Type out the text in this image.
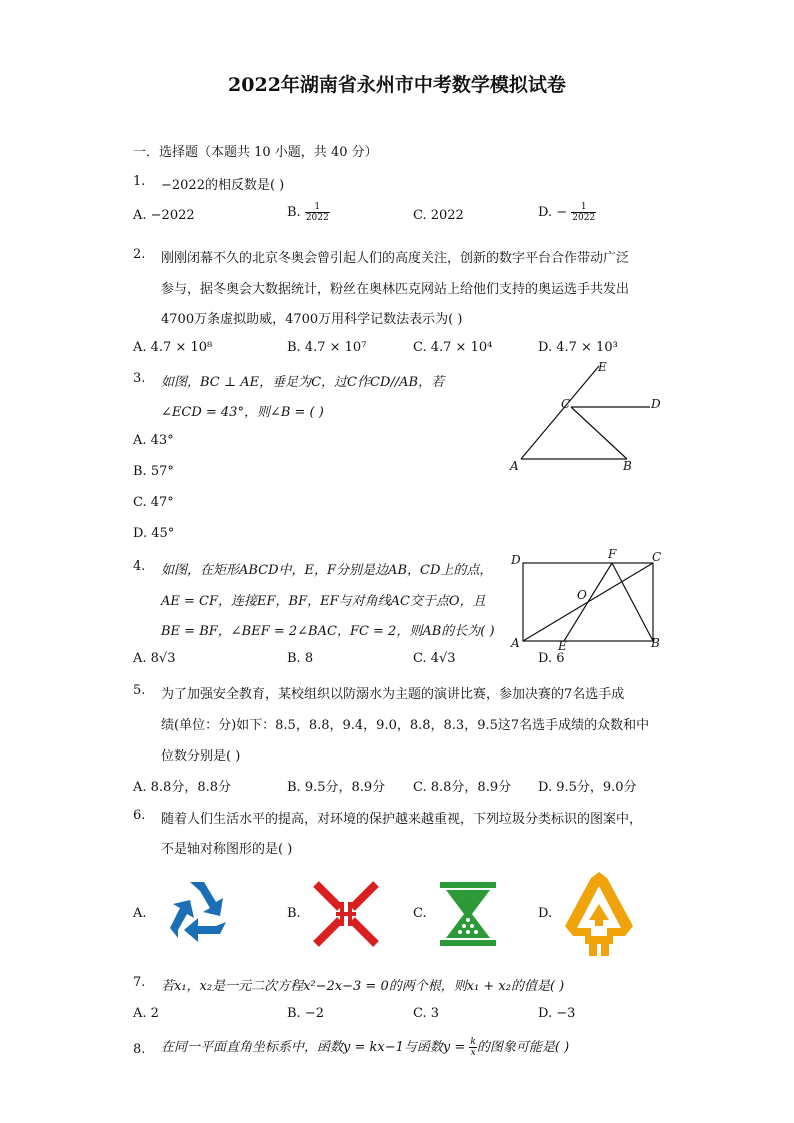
2022年湖南省永州市中考数学模拟试卷
一．选择题（本题共 10 小题，共 40 分）
1. −2022的相反数是( )
A. −2022	B. $\frac{1}{2022}$	C. 2022	D. − $\frac{1}{2022}$
2. 刚刚闭幕不久的北京冬奥会曾引起人们的高度关注，创新的数字平台合作带动广泛
参与，据冬奥会大数据统计，粉丝在奥林匹克网站上给他们支持的奥运选手共发出
4700万条虚拟助威，4700万用科学记数法表示为( )
A. 4.7 × 10⁸	B. 4.7 × 10⁷	C. 4.7 × 10⁴	D. 4.7 × 10³
3. 如图，BC ⊥ AE，垂足为C，过C作CD//AB，若
∠ECD = 43°，则∠B = ( )
A. 43°
B. 57°
C. 47°
D. 45°
E
C	D
A	B
4. 如图，在矩形ABCD中，E，F分别是边AB，CD上的点，
AE = CF，连接EF，BF，EF与对角线AC交于点O，且
BE = BF，∠BEF = 2∠BAC，FC = 2，则AB的长为( )
A. 8√3	B. 8	C. 4√3	D. 6
D	F	C
O
A	E	B
5. 为了加强安全教育，某校组织以防溺水为主题的演讲比赛，参加决赛的7名选手成
绩(单位：分)如下：8.5，8.8，9.4，9.0，8.8，8.3，9.5这7名选手成绩的众数和中
位数分别是( )
A. 8.8分，8.8分	B. 9.5分，8.9分 C. 8.8分，8.9分 D. 9.5分，9.0分
6. 随着人们生活水平的提高，对环境的保护越来越重视，下列垃圾分类标识的图案中，
不是轴对称图形的是( )
A.	B.	C.	D.
7. 若x₁，x₂是一元二次方程x²−2x−3 = 0的两个根，则x₁ + x₂的值是( )
A. 2	B. −2	C. 3	D. −3
8. 在同一平面直角坐标系中，函数y = kx−1与函数$y = \frac{k}{x}$ 的图象可能是( )
